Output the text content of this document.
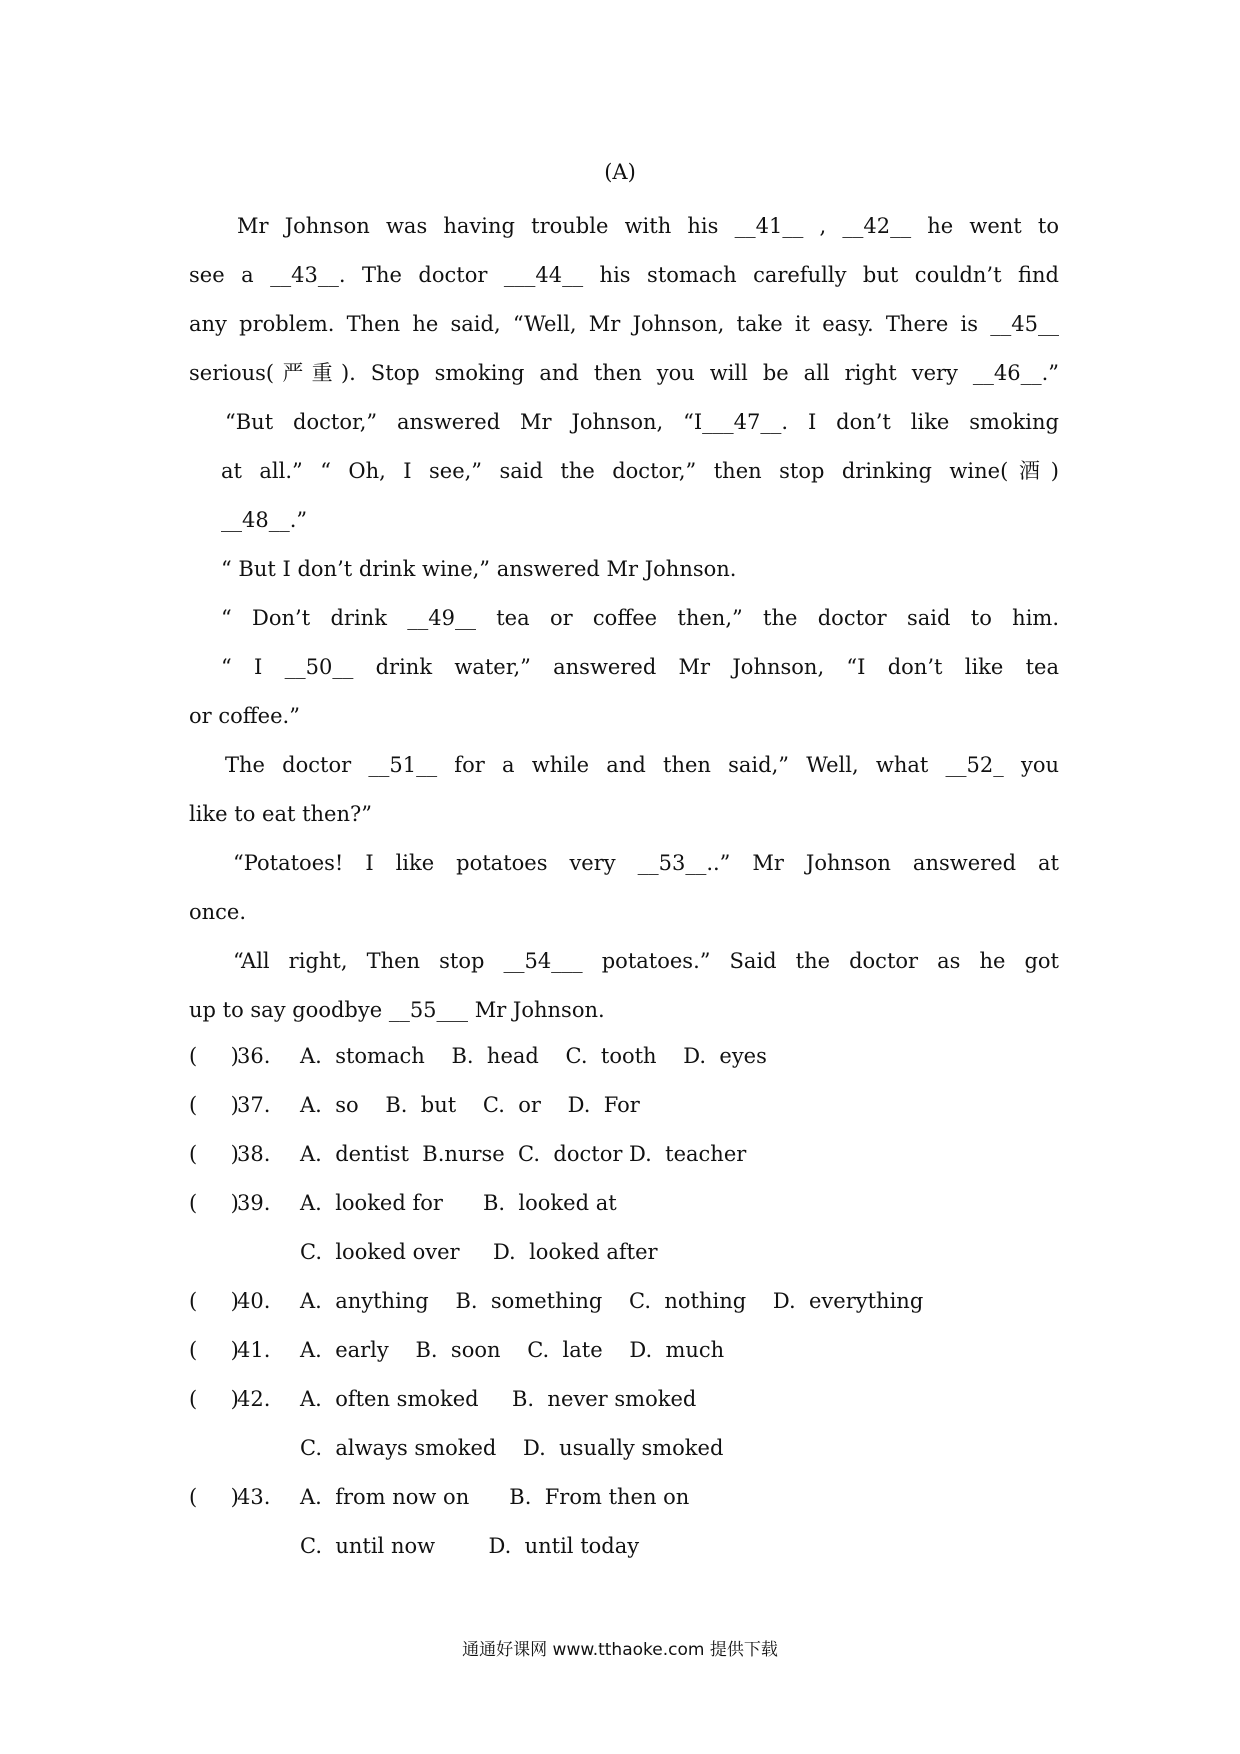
(A)
Mr Johnson was having trouble with his __41__ , __42__ he went to
see a __43__. The doctor ___44__ his stomach carefully but couldn’t find
any problem. Then he said, “Well, Mr Johnson, take it easy. There is __45__
serious(严重). Stop smoking and then you will be all right very __46__.”
“But doctor,” answered Mr Johnson, “I___47__. I don’t like smoking
at all.” “ Oh, I see,” said the doctor,” then stop drinking wine(酒)
__48__.”
“ But I don’t drink wine,” answered Mr Johnson.
“ Don’t drink __49__ tea or coffee then,” the doctor said to him.
“ I __50__ drink water,” answered Mr Johnson, “I don’t like tea
or coffee.”
The doctor __51__ for a while and then said,” Well, what __52_ you
like to eat then?”
“Potatoes! I like potatoes very __53__..” Mr Johnson answered at
once.
“All right, Then stop __54___ potatoes.” Said the doctor as he got
up to say goodbye __55___ Mr Johnson.
(     )
36. A.  stomach    B.  head    C.  tooth    D.  eyes
(     )
37. A.  so    B.  but    C.  or    D.  For
(     )
38. A.  dentist  B.nurse  C.  doctor D.  teacher
(     )
39. A.  looked for      B.  looked at
C.  looked over     D.  looked after
(     )
40. A.  anything    B.  something    C.  nothing    D.  everything
(     )
41. A.  early    B.  soon    C.  late    D.  much
(     )
42. A.  often smoked     B.  never smoked
C.  always smoked    D.  usually smoked
(     )
43. A.  from now on      B.  From then on
C.  until now        D.  until today
通通好课网 www.tthaoke.com 提供下载
